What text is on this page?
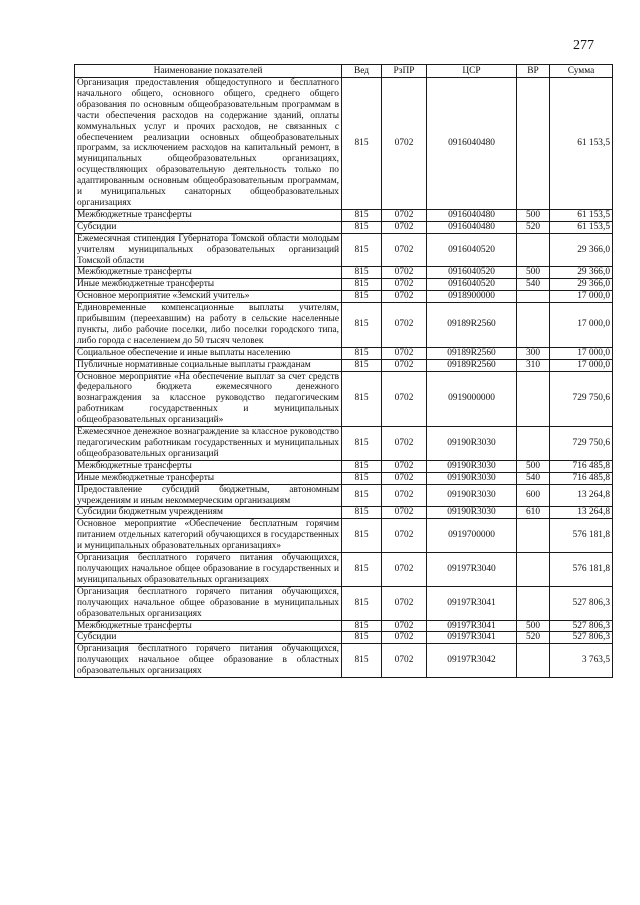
277
Наименование показателей	Вед	РзПР	ЦСР	ВР	Сумма
Организация предоставления общедоступного и бесплатного начального общего, основного общего, среднего общего образования по основным общеобразовательным программам в части обеспечения расходов на содержание зданий, оплаты коммунальных услуг и прочих расходов, не связанных с обеспечением реализации основных общеобразовательных программ, за исключением расходов на капитальный ремонт, в муниципальных общеобразовательных организациях, осуществляющих образовательную деятельность только по адаптированным основным общеобразовательным программам, и муниципальных санаторных общеобразовательных организациях	815	0702	0916040480		61 153,5
Межбюджетные трансферты	815	0702	0916040480	500	61 153,5
Субсидии	815	0702	0916040480	520	61 153,5
Ежемесячная стипендия Губернатора Томской области молодым учителям муниципальных образовательных организаций Томской области	815	0702	0916040520		29 366,0
Межбюджетные трансферты	815	0702	0916040520	500	29 366,0
Иные межбюджетные трансферты	815	0702	0916040520	540	29 366,0
Основное мероприятие «Земский учитель»	815	0702	0918900000		17 000,0
Единовременные компенсационные выплаты учителям, прибывшим (переехавшим) на работу в сельские населенные пункты, либо рабочие поселки, либо поселки городского типа, либо города с населением до 50 тысяч человек	815	0702	09189R2560		17 000,0
Социальное обеспечение и иные выплаты населению	815	0702	09189R2560	300	17 000,0
Публичные нормативные социальные выплаты гражданам	815	0702	09189R2560	310	17 000,0
Основное мероприятие «На обеспечение выплат за счет средств федерального бюджета ежемесячного денежного вознаграждения за классное руководство педагогическим работникам государственных и муниципальных общеобразовательных организаций»	815	0702	0919000000		729 750,6
Ежемесячное денежное вознаграждение за классное руководство педагогическим работникам государственных и муниципальных общеобразовательных организаций	815	0702	09190R3030		729 750,6
Межбюджетные трансферты	815	0702	09190R3030	500	716 485,8
Иные межбюджетные трансферты	815	0702	09190R3030	540	716 485,8
Предоставление субсидий бюджетным, автономным учреждениям и иным некоммерческим организациям	815	0702	09190R3030	600	13 264,8
Субсидии бюджетным учреждениям	815	0702	09190R3030	610	13 264,8
Основное мероприятие «Обеспечение бесплатным горячим питанием отдельных категорий обучающихся в государственных и муниципальных образовательных организациях»	815	0702	0919700000		576 181,8
Организация бесплатного горячего питания обучающихся, получающих начальное общее образование в государственных и муниципальных образовательных организациях	815	0702	09197R3040		576 181,8
Организация бесплатного горячего питания обучающихся, получающих начальное общее образование в муниципальных образовательных организациях	815	0702	09197R3041		527 806,3
Межбюджетные трансферты	815	0702	09197R3041	500	527 806,3
Субсидии	815	0702	09197R3041	520	527 806,3
Организация бесплатного горячего питания обучающихся, получающих начальное общее образование в областных образовательных организациях	815	0702	09197R3042		3 763,5
